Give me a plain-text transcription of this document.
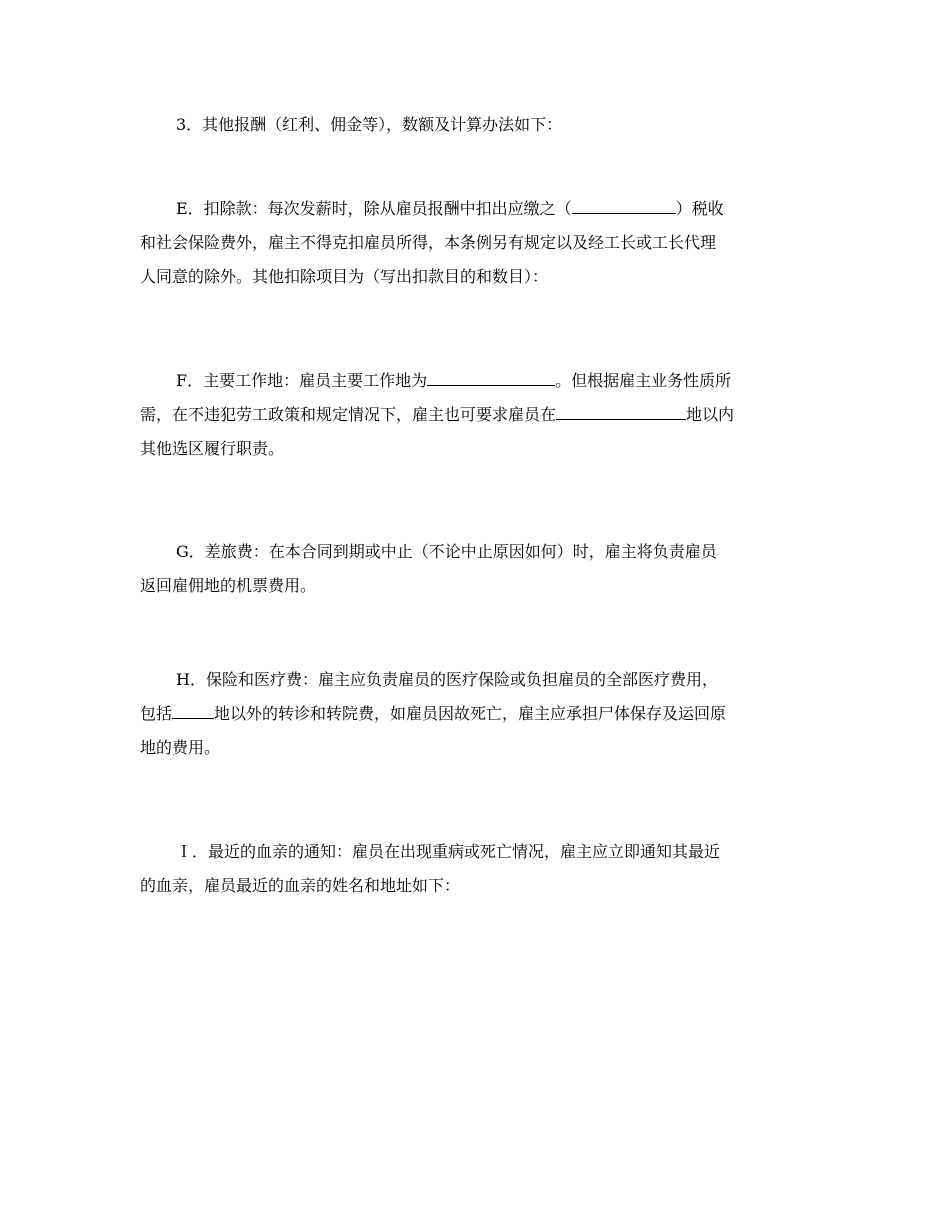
3．其他报酬（红利、佣金等），数额及计算办法如下：
E．扣除款：每次发薪时，除从雇员报酬中扣出应缴之（	）税收
和社会保险费外，雇主不得克扣雇员所得，本条例另有规定以及经工长或工长代理
人同意的除外。其他扣除项目为（写出扣款目的和数目）：
F．主要工作地：雇员主要工作地为	。但根据雇主业务性质所
需，在不违犯劳工政策和规定情况下，雇主也可要求雇员在	地以内
其他选区履行职责。
G．差旅费：在本合同到期或中止（不论中止原因如何）时，雇主将负责雇员
返回雇佣地的机票费用。
H．保险和医疗费：雇主应负责雇员的医疗保险或负担雇员的全部医疗费用，
包括	地以外的转诊和转院费，如雇员因故死亡，雇主应承担尸体保存及运回原
地的费用。
Ｉ．最近的血亲的通知：雇员在出现重病或死亡情况，雇主应立即通知其最近
的血亲，雇员最近的血亲的姓名和地址如下：
